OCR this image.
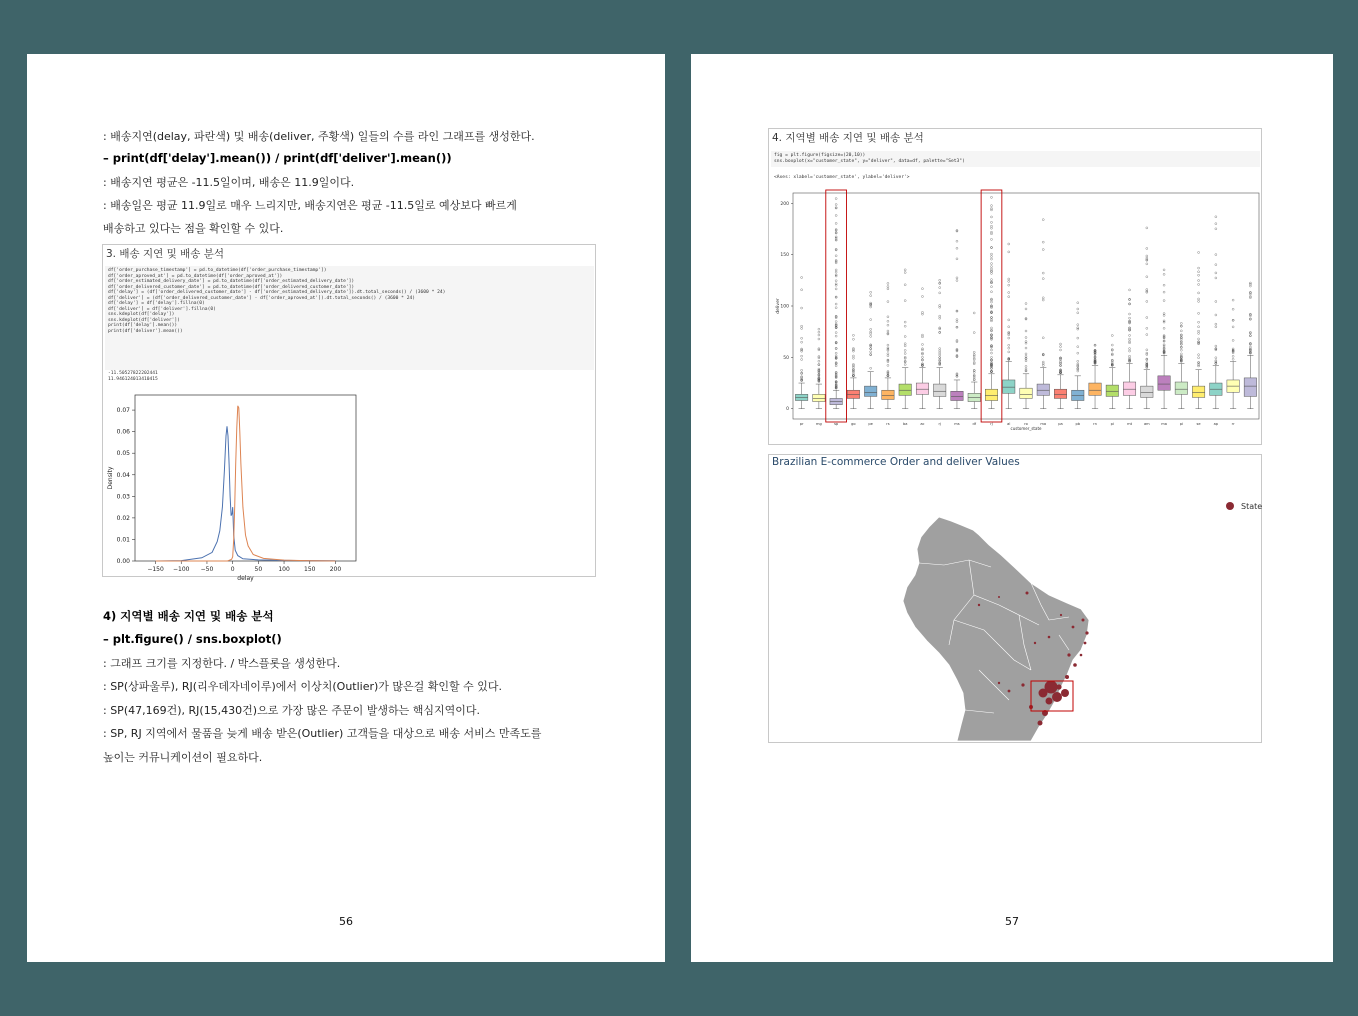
: 배송지연(delay, 파란색) 및 배송(deliver, 주황색) 일들의 수를 라인 그래프를 생성한다.
– print(df['delay'].mean()) / print(df['deliver'].mean())
: 배송지연 평균은 -11.5일이며, 배송은 11.9일이다.
: 배송일은 평균 11.9일로 매우 느리지만, 배송지연은 평균 -11.5일로 예상보다 빠르게
배송하고 있다는 점을 확인할 수 있다.
3. 배송 지연 및 배송 분석
df['order_purchase_timestamp'] = pd.to_datetime(df['order_purchase_timestamp'])
df['order_aproved_at'] = pd.to_datetime(df['order_aproved_at'])
df['order_estimated_delivery_date'] = pd.to_datetime(df['order_estimated_delivery_date'])
df['order_delivered_customer_date'] = pd.to_datetime(df['order_delivered_customer_date'])
df['delay'] = (df['order_delivered_customer_date'] - df['order_estimated_delivery_date']).dt.total_seconds() / (3600 * 24)
df['deliver'] = (df['order_delivered_customer_date'] - df['order_aproved_at']).dt.total_seconds() / (3600 * 24)
df['delay'] = df['delay'].fillna(0)
df['deliver'] = df['deliver'].fillna(0)
sns.kdeplot(df['delay'])
sns.kdeplot(df['deliver'])
print(df['delay'].mean())
print(df['deliver'].mean())
-11.50527822202441
11.946124013410415
−150 −100 −50	0	50	100 150 200
0.00
0.01
0.02
0.03
0.04
0.05
0.06
0.07
delay
Density
4) 지역별 배송 지연 및 배송 분석
– plt.figure() / sns.boxplot()
: 그래프 크기를 지정한다. / 박스플롯을 생성한다.
: SP(상파울루), RJ(리우데자네이루)에서 이상치(Outlier)가 많은걸 확인할 수 있다.
: SP(47,169건), RJ(15,430건)으로 가장 많은 주문이 발생하는 핵심지역이다.
: SP, RJ 지역에서 물품을 늦게 배송 받은(Outlier) 고객들을 대상으로 배송 서비스 만족도를
높이는 커뮤니케이션이 필요하다.
56
4. 지역별 배송 지연 및 배송 분석
fig = plt.figure(figsize=(20,10))
sns.boxplot(x="customer_state", y="deliver", data=df, palette="Set3")
<Axes: xlabel='customer_state', ylabel='deliver'>
0
50
100
150
200
deliver
pr	mg	sp	go	pe	rs	ba	ac	rj	ms	df	rj	al	ro	ma	pa	pb	rn	pi	mt	am	ma	pi	se	ap	rr
customer_state
Brazilian E-commerce Order and deliver Values
State
57
